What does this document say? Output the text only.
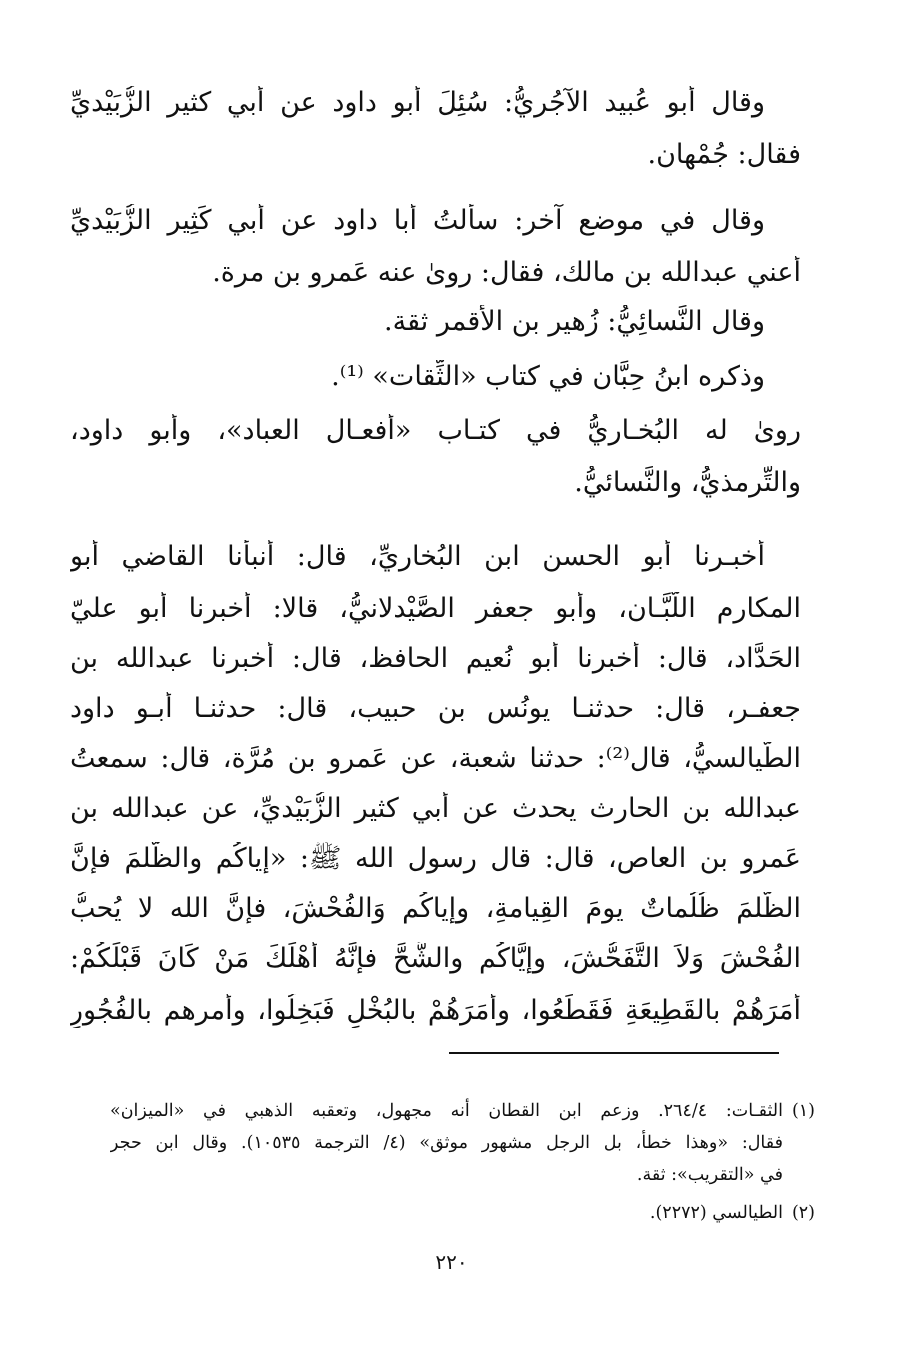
وقال أبو عُبيد الآجُريُّ: سُئِلَ أبو داود عن أبي كثير الزُّبَيْديِّ
فقال: جُمْهان.
وقال في موضع آخر: سألتُ أبا داود عن أبي كَثِير الزُّبَيْديِّ
أعني عبدالله بن مالك، فقال: روىٰ عنه عَمرو بن مرة.
وقال النَّسائِيُّ: زُهير بن الأقمر ثقة.
وذكره ابنُ حِبَّان في كتاب «الثِّقات» ⁽¹⁾.
روىٰ له البُخـاريُّ في كتـاب «أفعـال العباد»، وأبو داود،
والتِّرمذيُّ، والنَّسائيُّ.
أخبـرنا أبو الحسن ابن البُخاريِّ، قال: أنبأنا القاضي أبو
المكارم اللَّبَّـان، وأبو جعفر الصَّيْدلانيُّ، قالا: أخبرنا أبو عليّ
الحَدَّاد، قال: أخبرنا أبو نُعيم الحافظ، قال: أخبرنا عبدالله بن
جعفـر، قال: حدثنـا يونُس بن حبيب، قال: حدثنـا أبـو داود
الطَّيالسيُّ، قال⁽²⁾: حدثنا شعبة، عن عَمرو بن مُرَّة، قال: سمعتُ
عبدالله بن الحارث يحدث عن أبي كثير الزُّبَيْديِّ، عن عبدالله بن
عَمرو بن العاص، قال: قال رسول الله ﷺ: «إياكُم والظُّلمَ فإنَّ
الظُّلمَ ظُلُماتٌ يومَ القِيامةِ، وإياكُم وَالفُحْشَ، فإنَّ الله لا يُحبُّ
الفُحْشَ وَلاَ التَّفَحُّشَ، وإيَّاكُم والشُّحَّ فإنَّهُ أَهْلَكَ مَنْ كَانَ قَبْلَكُمْ:
أَمَرَهُمْ بالقَطِيعَةِ فَقَطَعُوا، وأَمَرَهُمْ بالبُخْلِ فَبَخِلُوا، وأمرهم بالفُجُورِ
(١)
الثقـات: ٢٦٤/٤. وزعم ابن القطان أنه مجهول، وتعقبه الذهبي في «الميزان»
فقال: «وهذا خطأ، بل الرجل مشهور موثق» (٤/ الترجمة ١٠٥٣٥). وقال ابن حجر
في «التقريب»: ثقة.
(٢)
الطيالسي (٢٢٧٢).
٢٢٠
